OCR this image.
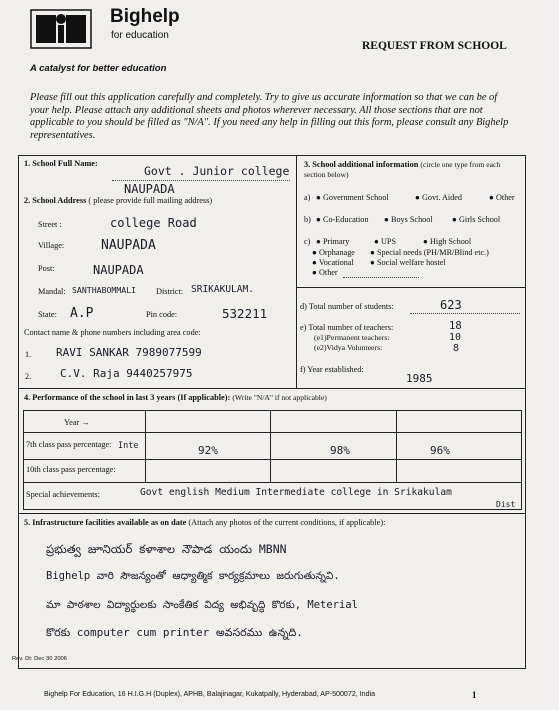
Bighelp
for education
A catalyst for better education
REQUEST FROM SCHOOL
Please fill out this application carefully and completely. Try to give us accurate information so that we can be of your help. Please attach any additional sheets and photos wherever necessary. All those sections that are not applicable to you should be filled as "N/A". If you need any help in filling out this form, please consult any Bighelp representatives.
1. School Full Name:
Govt . Junior college
NAUPADA
2. School Address ( please provide full mailing address)
Street :	college Road
Village:	NAUPADA
Post:	NAUPADA
Mandal: SANTHABOMMALI District: SRIKAKULAM.
State: A.P	Pin code:	532211
Contact name & phone numbers including area code:
1. RAVI SANKAR 7989077599
2.	C.V. Raja 9440257975
3. School additional information (circle one type from each section below)
a) ● Government School	● Govt. Aided	● Other
b) ● Co-Education ● Boys School ● Girls School
c) ● Primary	● UPS	● High School
● Orphanage ● Special needs (PH/MR/Blind etc.)
● Vocational ● Social welfare hostel
● Other
d) Total number of students:	623
e) Total number of teachers:	18
(e1)Permanent teachers:	10
(e2)Vidya Volunteers:	8
f) Year established:
1985
4. Performance of the school in last 3 years (If applicable): (Write "N/A" if not applicable)
Year →
7th class pass percentage: Inte	92%	98%	96%
10th class pass percentage:
Special achievements:	Govt english Medium Intermediate college in Srikakulam
Dist
5. Infrastructure facilities available as on date (Attach any photos of the current conditions, if applicable):
ప్రభుత్వ జూనియర్ కళాశాల నౌపాడ యందు MBNN
Bighelp వారి సౌజన్యంతో ఆధ్యాత్మిక కార్యక్రమాలు జరుగుతున్నవి.
మా పాఠశాల విద్యార్థులకు సాంకేతిక విద్య అభివృద్ధి కొరకు, Meterial
కొరకు computer cum printer అవసరము ఉన్నది.
Rev. Dt: Dec 30 2006
Bighelp For Education, 16 H.I.G.H (Duplex), APHB, Balajinagar, Kukatpally, Hyderabad, AP-500072, India	1
